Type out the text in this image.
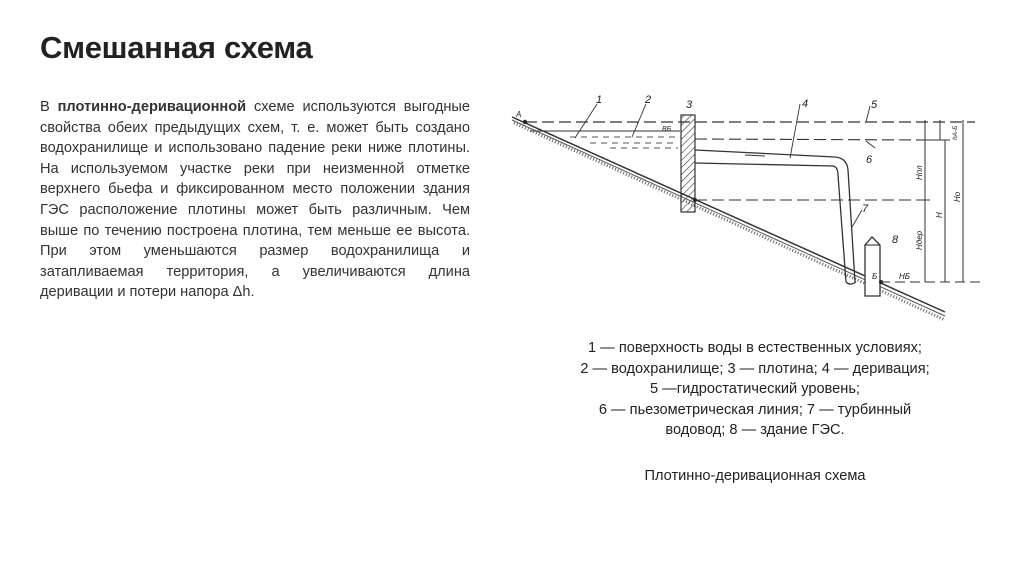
Смешанная схема
В плотинно-деривационной схеме используются выгодные свойства обеих предыдущих схем, т. е. может быть создано водохранилище и использовано падение реки ниже плотины. На используемом участке реки при неизменной отметке верхнего бьефа и фиксированном место положении здания ГЭС расположение плотины может быть различным. Чем выше по течению построена плотина, тем меньше ее высота. При этом уменьшаются размер водохранилища и затапливаемая территория, а увеличиваются длина деривации и потери напора Δh.
1	2	3	4	5
6
7
8
А
ВБ
Б	НБ
Нпл
Н
Ндер
Но
hА-Б
1 — поверхность воды в естественных условиях;
2 — водохранилище; 3 — плотина; 4 — деривация;
5 —гидростатический уровень;
6 — пьезометрическая линия; 7 — турбинный
водовод; 8 — здание ГЭС.
Плотинно-деривационная схема
